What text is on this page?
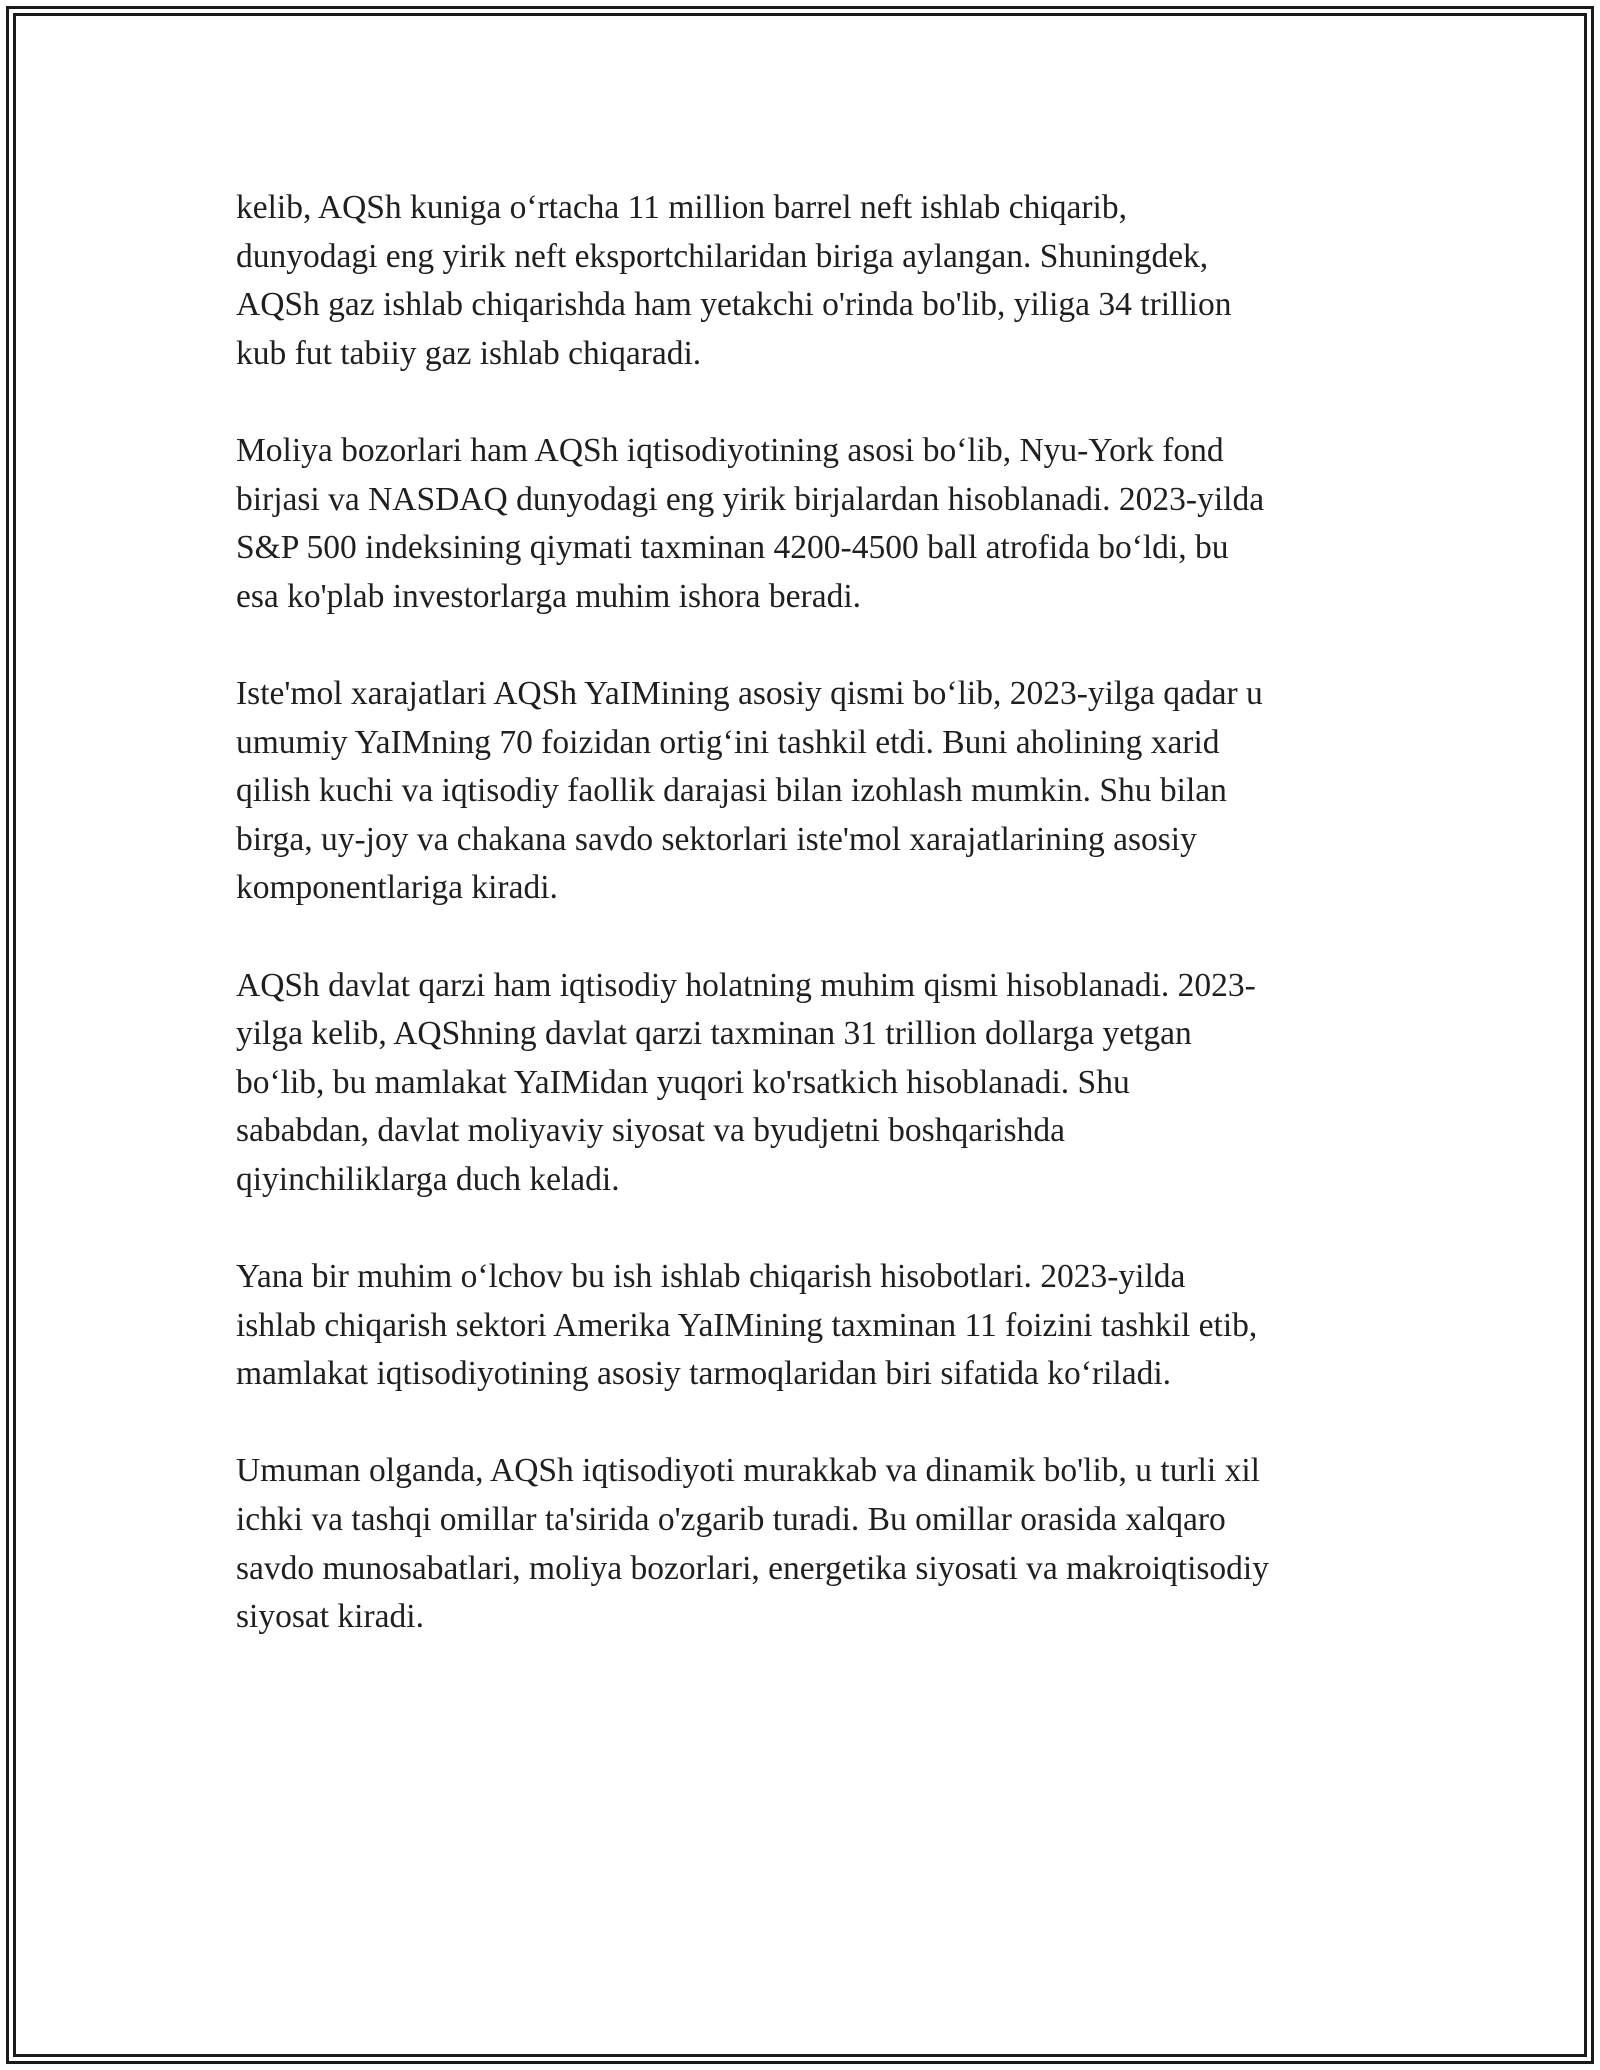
kelib, AQSh kuniga o‘rtacha 11 million barrel neft ishlab chiqarib,
dunyodagi eng yirik neft eksportchilaridan biriga aylangan. Shuningdek,
AQSh gaz ishlab chiqarishda ham yetakchi o'rinda bo'lib, yiliga 34 trillion
kub fut tabiiy gaz ishlab chiqaradi.

Moliya bozorlari ham AQSh iqtisodiyotining asosi bo‘lib, Nyu-York fond
birjasi va NASDAQ dunyodagi eng yirik birjalardan hisoblanadi. 2023-yilda
S&P 500 indeksining qiymati taxminan 4200-4500 ball atrofida bo‘ldi, bu
esa ko'plab investorlarga muhim ishora beradi.

Iste'mol xarajatlari AQSh YaIMining asosiy qismi bo‘lib, 2023-yilga qadar u
umumiy YaIMning 70 foizidan ortig‘ini tashkil etdi. Buni aholining xarid
qilish kuchi va iqtisodiy faollik darajasi bilan izohlash mumkin. Shu bilan
birga, uy-joy va chakana savdo sektorlari iste'mol xarajatlarining asosiy
komponentlariga kiradi.

AQSh davlat qarzi ham iqtisodiy holatning muhim qismi hisoblanadi. 2023-
yilga kelib, AQShning davlat qarzi taxminan 31 trillion dollarga yetgan
bo‘lib, bu mamlakat YaIMidan yuqori ko'rsatkich hisoblanadi. Shu
sababdan, davlat moliyaviy siyosat va byudjetni boshqarishda
qiyinchiliklarga duch keladi.

Yana bir muhim o‘lchov bu ish ishlab chiqarish hisobotlari. 2023-yilda
ishlab chiqarish sektori Amerika YaIMining taxminan 11 foizini tashkil etib,
mamlakat iqtisodiyotining asosiy tarmoqlaridan biri sifatida ko‘riladi.

Umuman olganda, AQSh iqtisodiyoti murakkab va dinamik bo'lib, u turli xil
ichki va tashqi omillar ta'sirida o'zgarib turadi. Bu omillar orasida xalqaro
savdo munosabatlari, moliya bozorlari, energetika siyosati va makroiqtisodiy
siyosat kiradi.
